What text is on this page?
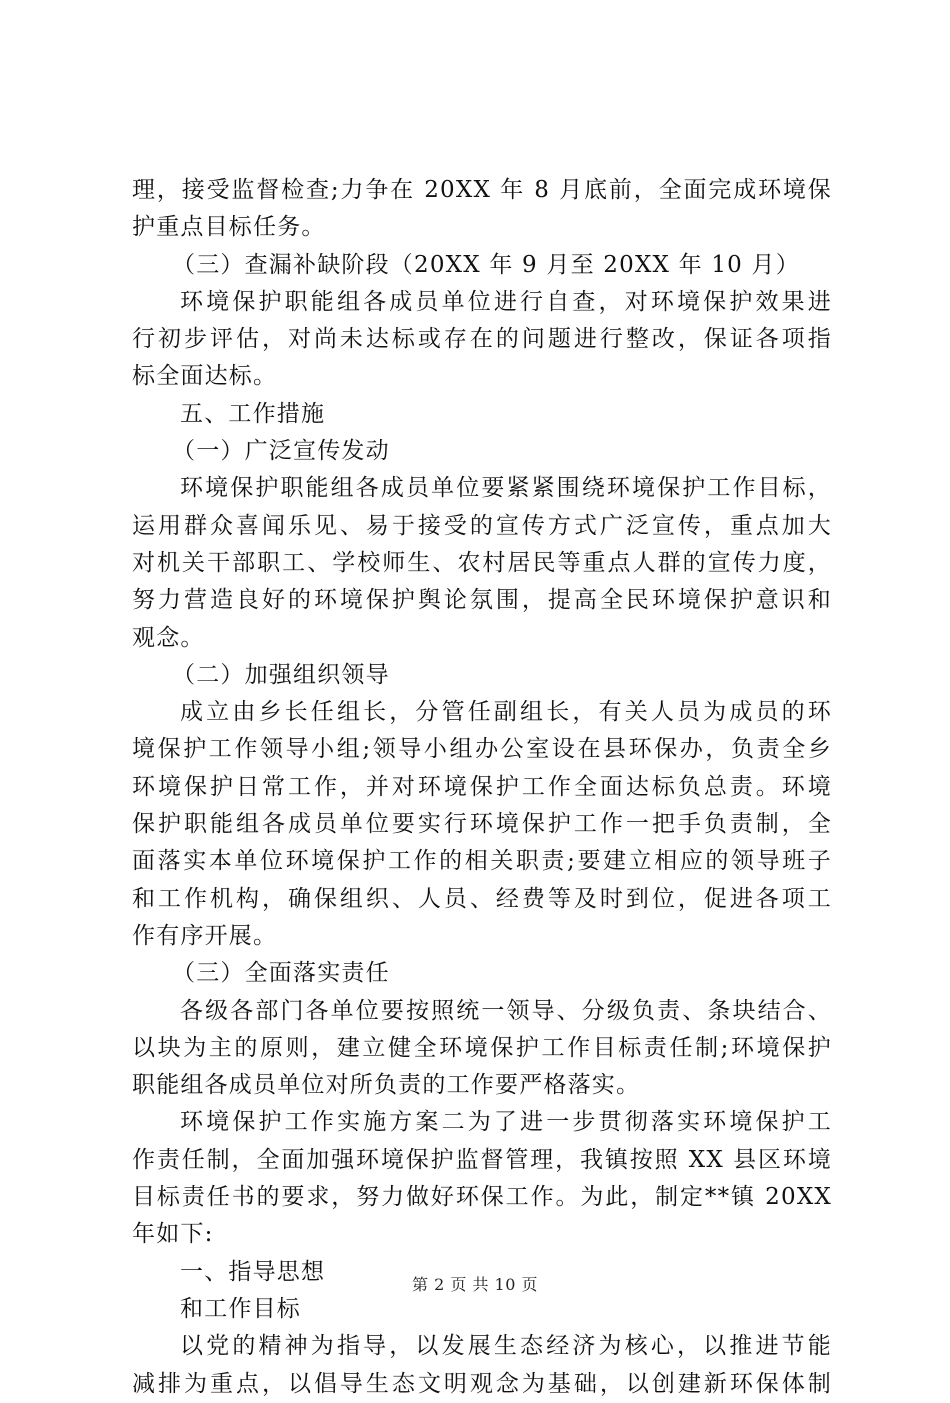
理，接受监督检查;力争在 20XX 年 8 月底前，全面完成环境保
护重点目标任务。
（三）查漏补缺阶段（20XX 年 9 月至 20XX 年 10 月）
环境保护职能组各成员单位进行自查，对环境保护效果进
行初步评估，对尚未达标或存在的问题进行整改，保证各项指
标全面达标。
五、工作措施
（一）广泛宣传发动
环境保护职能组各成员单位要紧紧围绕环境保护工作目标，
运用群众喜闻乐见、易于接受的宣传方式广泛宣传，重点加大
对机关干部职工、学校师生、农村居民等重点人群的宣传力度，
努力营造良好的环境保护舆论氛围，提高全民环境保护意识和
观念。
（二）加强组织领导
成立由乡长任组长，分管任副组长，有关人员为成员的环
境保护工作领导小组;领导小组办公室设在县环保办，负责全乡
环境保护日常工作，并对环境保护工作全面达标负总责。环境
保护职能组各成员单位要实行环境保护工作一把手负责制，全
面落实本单位环境保护工作的相关职责;要建立相应的领导班子
和工作机构，确保组织、人员、经费等及时到位，促进各项工
作有序开展。
（三）全面落实责任
各级各部门各单位要按照统一领导、分级负责、条块结合、
以块为主的原则，建立健全环境保护工作目标责任制;环境保护
职能组各成员单位对所负责的工作要严格落实。
环境保护工作实施方案二为了进一步贯彻落实环境保护工
作责任制，全面加强环境保护监督管理，我镇按照 XX 县区环境
目标责任书的要求，努力做好环保工作。为此，制定**镇 20XX
年如下:
一、指导思想
和工作目标
以党的精神为指导，以发展生态经济为核心，以推进节能
减排为重点，以倡导生态文明观念为基础，以创建新环保体制
第 2 页 共 10 页
